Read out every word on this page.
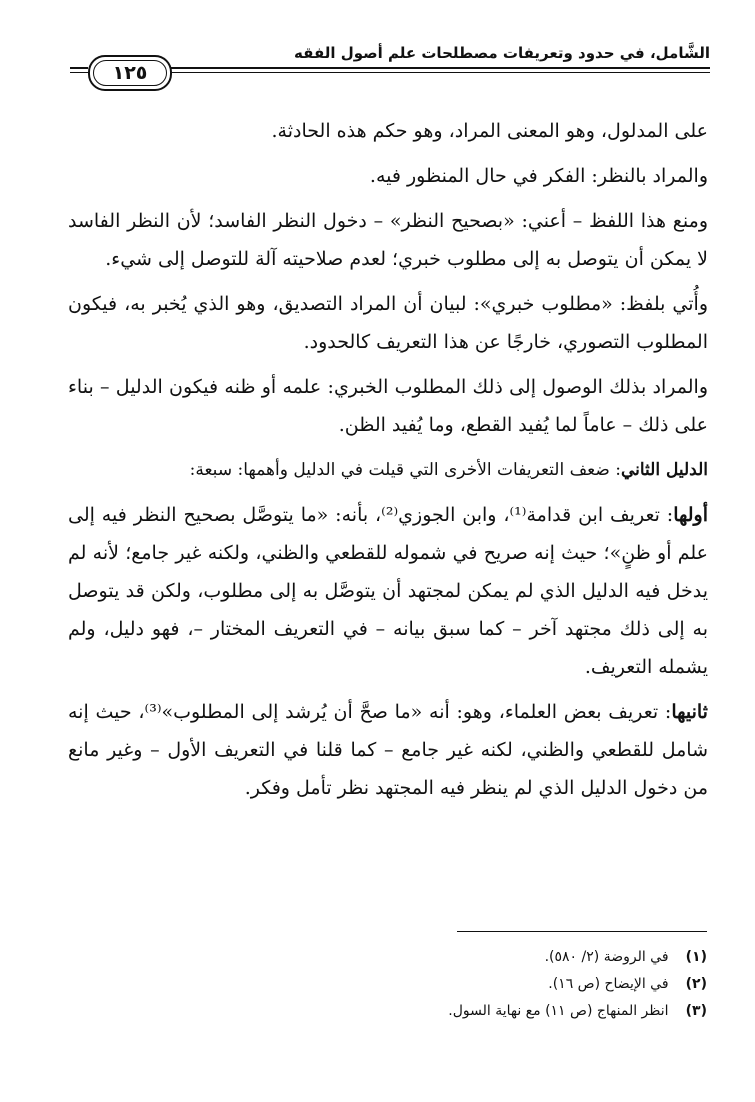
الشَّامل، في حدود وتعريفات مصطلحات علم أصول الفقه
١٢٥

على المدلول، وهو المعنى المراد، وهو حكم هذه الحادثة.

والمراد بالنظر: الفكر في حال المنظور فيه.

ومنع هذا اللفظ – أعني: «بصحيح النظر» – دخول النظر الفاسد؛ لأن النظر الفاسد لا يمكن أن يتوصل به إلى مطلوب خبري؛ لعدم صلاحيته آلة للتوصل إلى شيء.

وأُتي بلفظ: «مطلوب خبري»: لبيان أن المراد التصديق، وهو الذي يُخبر به، فيكون المطلوب التصوري، خارجًا عن هذا التعريف كالحدود.

والمراد بذلك الوصول إلى ذلك المطلوب الخبري: علمه أو ظنه فيكون الدليل – بناء على ذلك – عاماً لما يُفيد القطع، وما يُفيد الظن.

الدليل الثاني: ضعف التعريفات الأخرى التي قيلت في الدليل وأهمها: سبعة:

أولها: تعريف ابن قدامة⁽¹⁾، وابن الجوزي⁽²⁾، بأنه: «ما يتوصَّل بصحيح النظر فيه إلى علم أو ظنٍ»؛ حيث إنه صريح في شموله للقطعي والظني، ولكنه غير جامع؛ لأنه لم يدخل فيه الدليل الذي لم يمكن لمجتهد أن يتوصَّل به إلى مطلوب، ولكن قد يتوصل به إلى ذلك مجتهد آخر – كما سبق بيانه – في التعريف المختار –، فهو دليل، ولم يشمله التعريف.

ثانيها: تعريف بعض العلماء، وهو: أنه «ما صحَّ أن يُرشد إلى المطلوب»⁽³⁾، حيث إنه شامل للقطعي والظني، لكنه غير جامع – كما قلنا في التعريف الأول – وغير مانع من دخول الدليل الذي لم ينظر فيه المجتهد نظر تأمل وفكر.

(١) في الروضة (٢/ ٥٨٠).
(٢) في الإيضاح (ص ١٦).
(٣) انظر المنهاج (ص ١١) مع نهاية السول.
